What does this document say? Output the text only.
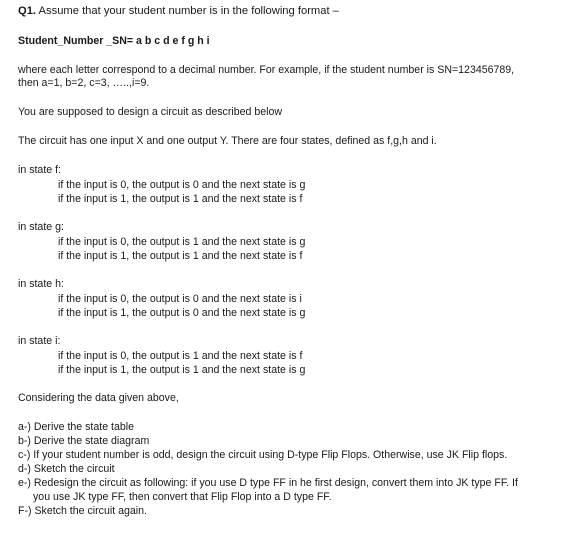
Q1. Assume that your student number is in the following format –
Student_Number _SN= a b c d e f g h i
where each letter correspond to a decimal number. For example, if the student number is SN=123456789,
then a=1, b=2, c=3, …..,i=9.
You are supposed to design a circuit as described below
The circuit has one input X and one output Y. There are four states, defined as f,g,h and i.
in state f:
if the input is 0, the output is 0 and the next state is g
if the input is 1, the output is 1 and the next state is f
in state g:
if the input is 0, the output is 1 and the next state is g
if the input is 1, the output is 1 and the next state is f
in state h:
if the input is 0, the output is 0 and the next state is i
if the input is 1, the output is 0 and the next state is g
in state i:
if the input is 0, the output is 1 and the next state is f
if the input is 1, the output is 1 and the next state is g
Considering the data given above,
a-) Derive the state table
b-) Derive the state diagram
c-) If your student number is odd, design the circuit using D-type Flip Flops. Otherwise, use JK Flip flops.
d-) Sketch the circuit
e-) Redesign the circuit as following: if you use D type FF in he first design, convert them into JK type FF. If
you use JK type FF, then convert that Flip Flop into a D type FF.
F-) Sketch the circuit again.
